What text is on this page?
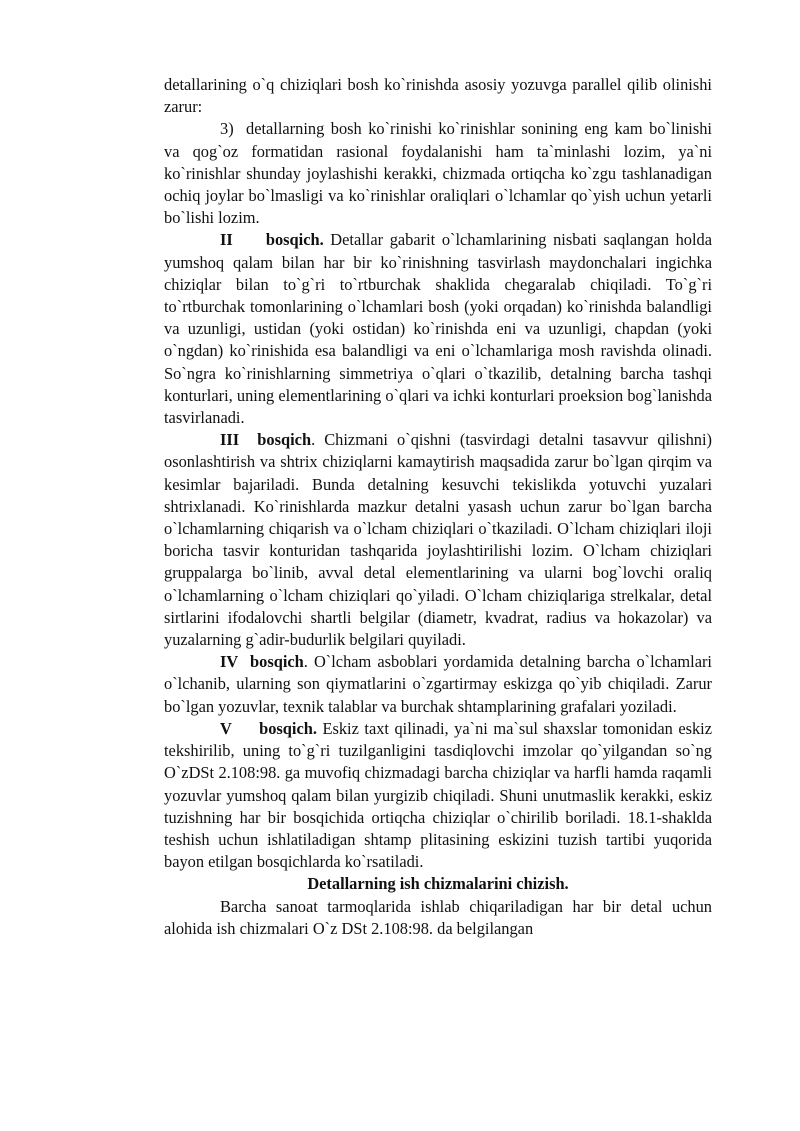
detallarining o`q chiziqlari bosh ko`rinishda asosiy yozuvga parallel qilib olinishi zarur:

3) detallarning bosh ko`rinishi ko`rinishlar sonining eng kam bo`linishi va qog`oz formatidan rasional foydalanishi ham ta`minlashi lozim, ya`ni ko`rinishlar shunday joylashishi kerakki, chizmada ortiqcha ko`zgu tashlanadigan ochiq joylar bo`lmasligi va ko`rinishlar oraliqlari o`lchamlar qo`yish uchun yetarli bo`lishi lozim.

II     bosqich. Detallar gabarit o`lchamlarining nisbati saqlangan holda yumshoq qalam bilan har bir ko`rinishning tasvirlash maydonchalari ingichka chiziqlar bilan to`g`ri to`rtburchak shaklida chegaralab chiqiladi. To`g`ri to`rtburchak tomonlarining o`lchamlari bosh (yoki orqadan) ko`rinishda balandligi va uzunligi, ustidan (yoki ostidan) ko`rinishda eni va uzunligi, chapdan (yoki o`ngdan) ko`rinishida esa balandligi va eni o`lchamlariga mosh ravishda olinadi. So`ngra ko`rinishlarning simmetriya o`qlari o`tkazilib, detalning barcha tashqi konturlari, uning elementlarining o`qlari va ichki konturlari proeksion bog`lanishda tasvirlanadi.

III  bosqich. Chizmani o`qishni (tasvirdagi detalni tasavvur qilishni) osonlashtirish va shtrix chiziqlarni kamaytirish maqsadida zarur bo`lgan qirqim va kesimlar bajariladi. Bunda detalning kesuvchi tekislikda yotuvchi yuzalari shtrixlanadi. Ko`rinishlarda mazkur detalni yasash uchun zarur bo`lgan barcha o`lchamlarning chiqarish va o`lcham chiziqlari o`tkaziladi. O`lcham chiziqlari iloji boricha tasvir konturidan tashqarida joylashtirilishi lozim. O`lcham chiziqlari gruppalarga bo`linib, avval detal elementlarining va ularni bog`lovchi oraliq o`lchamlarning o`lcham chiziqlari qo`yiladi. O`lcham chiziqlariga strelkalar, detal sirtlarini ifodalovchi shartli belgilar (diametr, kvadrat, radius va hokazolar) va yuzalarning g`adir-budurlik belgilari quyiladi.

IV  bosqich. O`lcham asboblari yordamida detalning barcha o`lchamlari o`lchanib, ularning son qiymatlarini o`zgartirmay eskizga qo`yib chiqiladi. Zarur bo`lgan yozuvlar, texnik talablar va burchak shtamplarining grafalari yoziladi.

V     bosqich. Eskiz taxt qilinadi, ya`ni ma`sul shaxslar tomonidan eskiz tekshirilib, uning to`g`ri tuzilganligini tasdiqlovchi imzolar qo`yilgandan so`ng O`zDSt 2.108:98. ga muvofiq chizmadagi barcha chiziqlar va harfli hamda raqamli yozuvlar yumshoq qalam bilan yurgizib chiqiladi. Shuni unutmaslik kerakki, eskiz tuzishning har bir bosqichida ortiqcha chiziqlar o`chirilib boriladi. 18.1-shaklda teshish uchun ishlatiladigan shtamp plitasining eskizini tuzish tartibi yuqorida bayon etilgan bosqichlarda ko`rsatiladi.

Detallarning ish chizmalarini chizish.

Barcha sanoat tarmoqlarida ishlab chiqariladigan har bir detal uchun alohida ish chizmalari O`z DSt 2.108:98. da belgilangan
